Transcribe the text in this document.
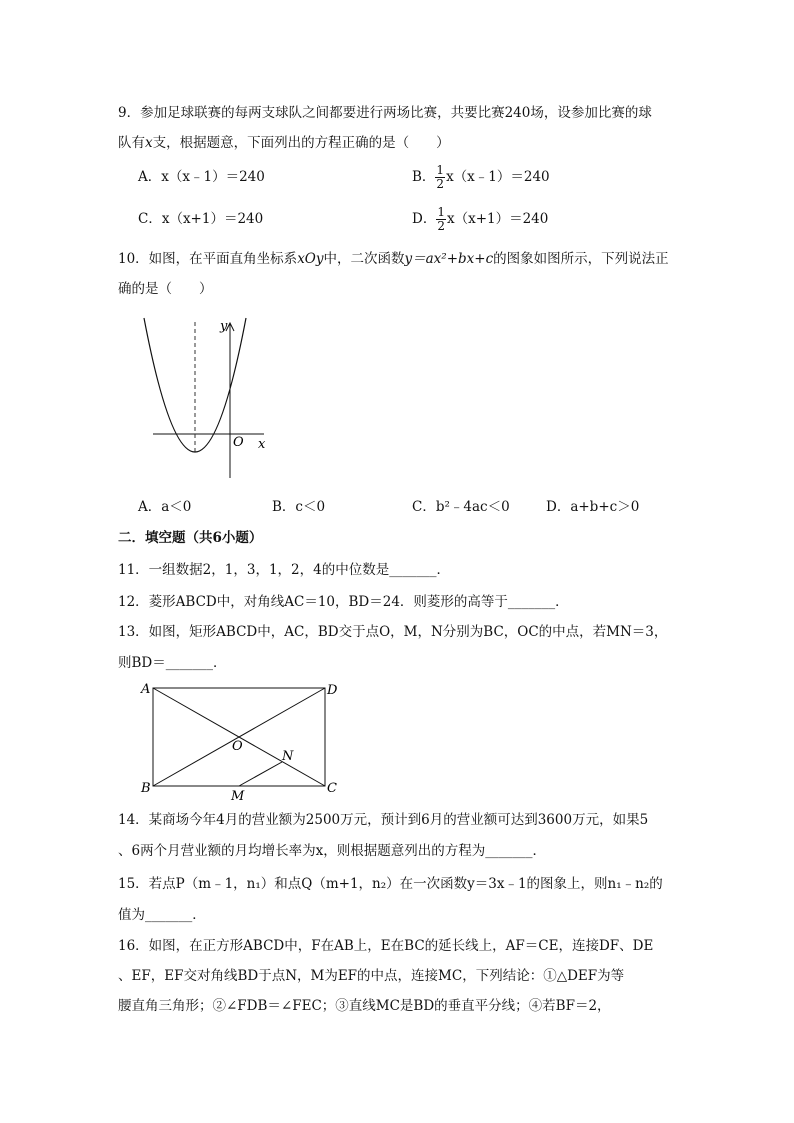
9．参加足球联赛的每两支球队之间都要进行两场比赛，共要比赛240场，设参加比赛的球
队有x支，根据题意，下面列出的方程正确的是（　　）
A．x（x﹣1）＝240	B． $\frac{1}{2}$ x（x﹣1）＝240
C．x（x+1）＝240	D． $\frac{1}{2} x(x+1)=240$
10．如图，在平面直角坐标系xOy中，二次函数y＝ax²+bx+c的图象如图所示，下列说法正
确的是（　　）
y
x
O
A．a＜0	B．c＜0	C．b²﹣4ac＜0	D．a+b+c＞0
二．填空题（共6小题）
11．一组数据2，1，3，1，2，4的中位数是_______．
12．菱形ABCD中，对角线AC＝10，BD＝24．则菱形的高等于_______．
13．如图，矩形ABCD中，AC，BD交于点O，M，N分别为BC，OC的中点，若MN＝3，
则BD＝_______．
A
B	C
D
O
M
N
14．某商场今年4月的营业额为2500万元，预计到6月的营业额可达到3600万元，如果5
、6两个月营业额的月均增长率为x，则根据题意列出的方程为_______．
15．若点P（m﹣1，n₁）和点Q（m+1，n₂）在一次函数y＝3x﹣1的图象上，则n₁﹣n₂的
值为_______．
16．如图，在正方形ABCD中，F在AB上，E在BC的延长线上，AF＝CE，连接DF、DE
、EF，EF交对角线BD于点N，M为EF的中点，连接MC，下列结论：①△DEF为等
腰直角三角形；②∠FDB＝∠FEC；③直线MC是BD的垂直平分线；④若BF＝2，
